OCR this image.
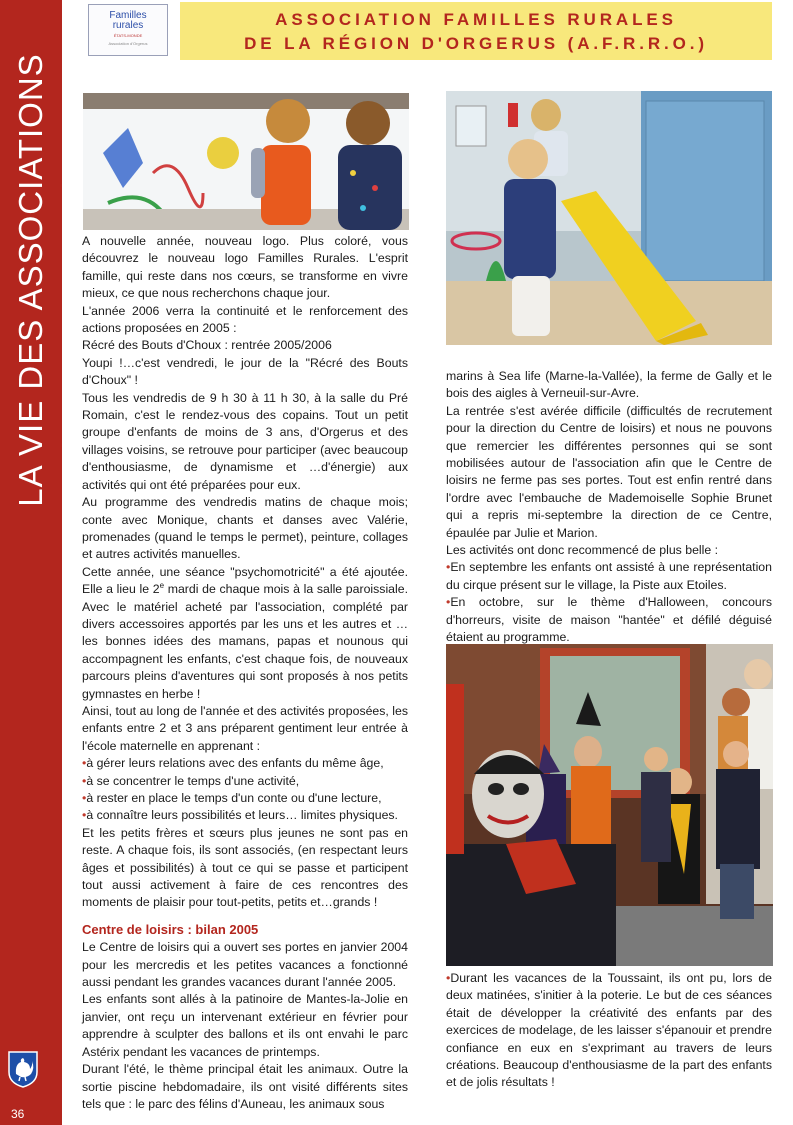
LA VIE DES ASSOCIATIONS
36
Familles
rurales
ÉTATS-MONDE
Association d'Orgerus
ASSOCIATION FAMILLES RURALES
DE LA RÉGION D'ORGERUS (A.F.R.R.O.)

A nouvelle année, nouveau logo. Plus coloré, vous découvrez le nouveau logo Familles Rurales. L'esprit famille, qui reste dans nos cœurs, se transforme en vivre mieux, ce que nous recherchons chaque jour.

L'année 2006 verra la continuité et le renforcement des actions proposées en 2005 :

Récré des Bouts d'Choux : rentrée 2005/2006

Youpi !…c'est vendredi, le jour de la "Récré des Bouts d'Choux" !

Tous les vendredis de 9 h 30 à 11 h 30, à la salle du Pré Romain, c'est le rendez-vous des copains. Tout un petit groupe d'enfants de moins de 3 ans, d'Orgerus et des villages voisins, se retrouve pour participer (avec beaucoup d'enthousiasme, de dynamisme et …d'énergie) aux activités qui ont été préparées pour eux.

Au programme des vendredis matins de chaque mois; conte avec Monique, chants et danses avec Valérie, promenades (quand le temps le permet), peinture, collages et autres activités manuelles.

Cette année, une séance "psychomotricité" a été ajoutée. Elle a lieu le 2e mardi de chaque mois à la salle paroissiale. Avec le matériel acheté par l'association, complété par divers accessoires apportés par les uns et les autres et …les bonnes idées des mamans, papas et nounous qui accompagnent les enfants, c'est chaque fois, de nouveaux parcours pleins d'aventures qui sont proposés à nos petits gymnastes en herbe !

Ainsi, tout au long de l'année et des activités proposées, les enfants entre 2 et 3 ans préparent gentiment leur entrée à l'école maternelle en apprenant :

• à gérer leurs relations avec des enfants du même âge,

• à se concentrer le temps d'une activité,

• à rester en place le temps d'un conte ou d'une lecture,

• à connaître leurs possibilités et leurs… limites physiques.

Et les petits frères et sœurs plus jeunes ne sont pas en reste. A chaque fois, ils sont associés, (en respectant leurs âges et possibilités) à tout ce qui se passe et participent tout aussi activement à faire de ces rencontres des moments de plaisir pour tout-petits, petits et…grands !

Centre de loisirs : bilan 2005

Le Centre de loisirs qui a ouvert ses portes en janvier 2004 pour les mercredis et les petites vacances a fonctionné aussi pendant les grandes vacances durant l'année 2005.

Les enfants sont allés à la patinoire de Mantes-la-Jolie en janvier, ont reçu un intervenant extérieur en février pour apprendre à sculpter des ballons et ils ont envahi le parc Astérix pendant les vacances de printemps.

Durant l'été, le thème principal était les animaux. Outre la sortie piscine hebdomadaire, ils ont visité différents sites tels que : le parc des félins d'Auneau, les animaux sous

marins à Sea life (Marne-la-Vallée), la ferme de Gally et le bois des aigles à Verneuil-sur-Avre.

La rentrée s'est avérée difficile (difficultés de recrutement pour la direction du Centre de loisirs) et nous ne pouvons que remercier les différentes personnes qui se sont mobilisées autour de l'association afin que le Centre de loisirs ne ferme pas ses portes. Tout est enfin rentré dans l'ordre avec l'embauche de Mademoiselle Sophie Brunet qui a repris mi-septembre la direction de ce Centre, épaulée par Julie et Marion.

Les activités ont donc recommencé de plus belle :

• En septembre les enfants ont assisté à une représentation du cirque présent sur le village, la Piste aux Etoiles.

• En octobre, sur le thème d'Halloween, concours d'horreurs, visite de maison "hantée" et défilé déguisé étaient au programme.

• Durant les vacances de la Toussaint, ils ont pu, lors de deux matinées, s'initier à la poterie. Le but de ces séances était de développer la créativité des enfants par des exercices de modelage, de les laisser s'épanouir et prendre confiance en eux en s'exprimant au travers de leurs créations. Beaucoup d'enthousiasme de la part des enfants et de jolis résultats !
